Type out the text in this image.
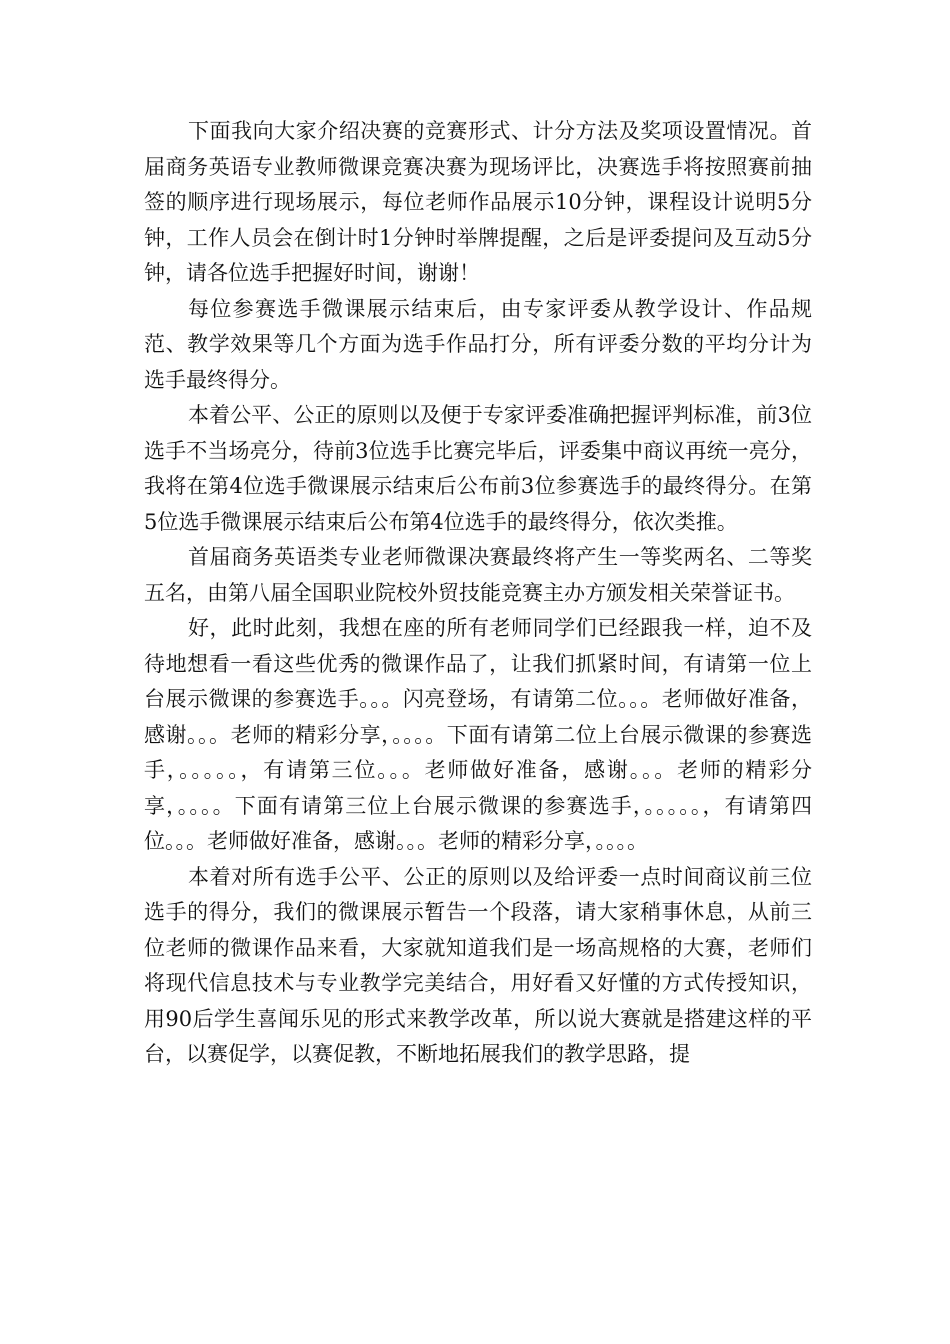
下面我向大家介绍决赛的竞赛形式、计分方法及奖项设置情况。首届商务英语专业教师微课竞赛决赛为现场评比，决赛选手将按照赛前抽签的顺序进行现场展示，每位老师作品展示10分钟，课程设计说明5分钟，工作人员会在倒计时1分钟时举牌提醒，之后是评委提问及互动5分钟，请各位选手把握好时间，谢谢！

每位参赛选手微课展示结束后，由专家评委从教学设计、作品规范、教学效果等几个方面为选手作品打分，所有评委分数的平均分计为选手最终得分。

本着公平、公正的原则以及便于专家评委准确把握评判标准，前3位选手不当场亮分，待前3位选手比赛完毕后，评委集中商议再统一亮分，我将在第4位选手微课展示结束后公布前3位参赛选手的最终得分。在第5位选手微课展示结束后公布第4位选手的最终得分，依次类推。

首届商务英语类专业老师微课决赛最终将产生一等奖两名、二等奖五名，由第八届全国职业院校外贸技能竞赛主办方颁发相关荣誉证书。

好，此时此刻，我想在座的所有老师同学们已经跟我一样，迫不及待地想看一看这些优秀的微课作品了，让我们抓紧时间，有请第一位上台展示微课的参赛选手。。。闪亮登场，有请第二位。。。老师做好准备，感谢。。。老师的精彩分享，。。。。下面有请第二位上台展示微课的参赛选手，。。。。。，有请第三位。。。老师做好准备，感谢。。。老师的精彩分享，。。。。下面有请第三位上台展示微课的参赛选手，。。。。。，有请第四位。。。老师做好准备，感谢。。。老师的精彩分享，。。。。

本着对所有选手公平、公正的原则以及给评委一点时间商议前三位选手的得分，我们的微课展示暂告一个段落，请大家稍事休息，从前三位老师的微课作品来看，大家就知道我们是一场高规格的大赛，老师们将现代信息技术与专业教学完美结合，用好看又好懂的方式传授知识，用90后学生喜闻乐见的形式来教学改革，所以说大赛就是搭建这样的平台，以赛促学，以赛促教，不断地拓展我们的教学思路，提
